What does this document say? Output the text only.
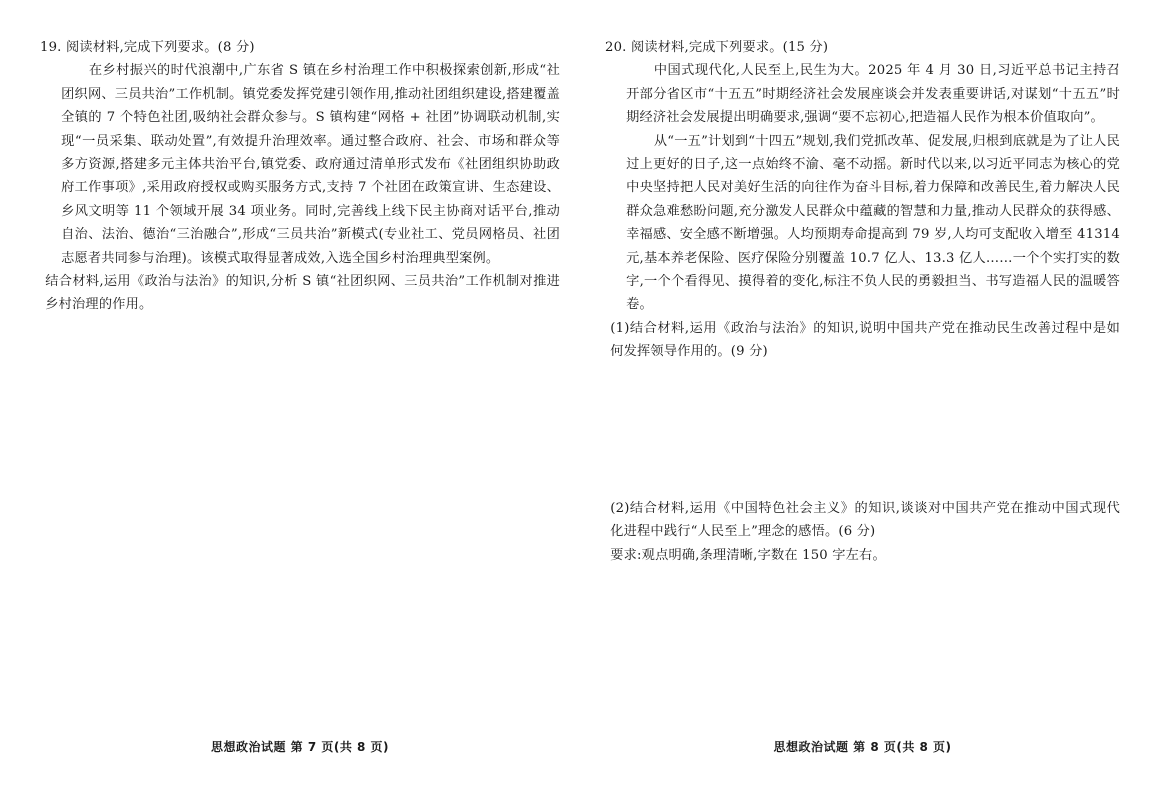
19. 阅读材料,完成下列要求。(8 分)

在乡村振兴的时代浪潮中,广东省 S 镇在乡村治理工作中积极探索创新,形成“社团织网、三员共治”工作机制。镇党委发挥党建引领作用,推动社团组织建设,搭建覆盖全镇的 7 个特色社团,吸纳社会群众参与。S 镇构建“网格 + 社团”协调联动机制,实现“一员采集、联动处置”,有效提升治理效率。通过整合政府、社会、市场和群众等多方资源,搭建多元主体共治平台,镇党委、政府通过清单形式发布《社团组织协助政府工作事项》,采用政府授权或购买服务方式,支持 7 个社团在政策宣讲、生态建设、乡风文明等 11 个领域开展 34 项业务。同时,完善线上线下民主协商对话平台,推动自治、法治、德治“三治融合”,形成“三员共治”新模式(专业社工、党员网格员、社团志愿者共同参与治理)。该模式取得显著成效,入选全国乡村治理典型案例。

结合材料,运用《政治与法治》的知识,分析 S 镇“社团织网、三员共治”工作机制对推进乡村治理的作用。

思想政治试题 第 7 页(共 8 页)
20. 阅读材料,完成下列要求。(15 分)

中国式现代化,人民至上,民生为大。2025 年 4 月 30 日,习近平总书记主持召开部分省区市“十五五”时期经济社会发展座谈会并发表重要讲话,对谋划“十五五”时期经济社会发展提出明确要求,强调“要不忘初心,把造福人民作为根本价值取向”。

从“一五”计划到“十四五”规划,我们党抓改革、促发展,归根到底就是为了让人民过上更好的日子,这一点始终不渝、毫不动摇。新时代以来,以习近平同志为核心的党中央坚持把人民对美好生活的向往作为奋斗目标,着力保障和改善民生,着力解决人民群众急难愁盼问题,充分激发人民群众中蕴藏的智慧和力量,推动人民群众的获得感、幸福感、安全感不断增强。人均预期寿命提高到 79 岁,人均可支配收入增至 41314 元,基本养老保险、医疗保险分别覆盖 10.7 亿人、13.3 亿人……一个个实打实的数字,一个个看得见、摸得着的变化,标注不负人民的勇毅担当、书写造福人民的温暖答卷。

(1)结合材料,运用《政治与法治》的知识,说明中国共产党在推动民生改善过程中是如何发挥领导作用的。(9 分)

(2)结合材料,运用《中国特色社会主义》的知识,谈谈对中国共产党在推动中国式现代化进程中践行“人民至上”理念的感悟。(6 分)

要求:观点明确,条理清晰,字数在 150 字左右。

思想政治试题 第 8 页(共 8 页)
